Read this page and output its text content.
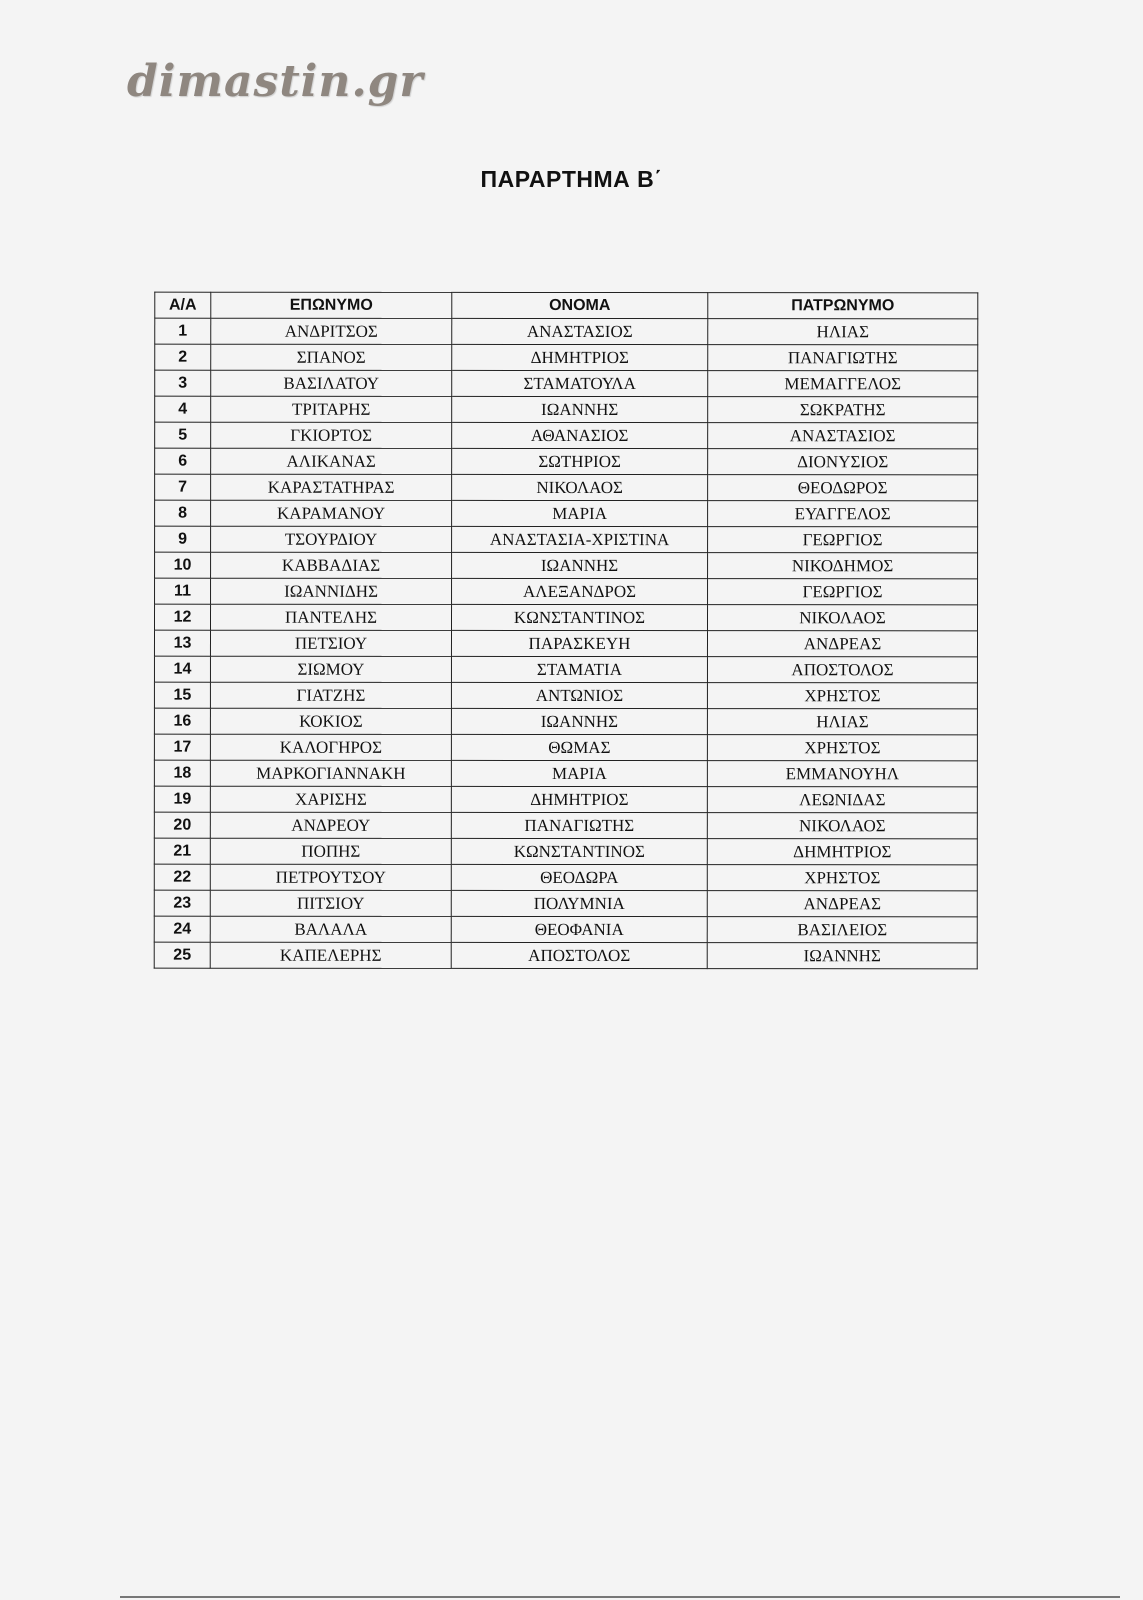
dimastin.gr
ΠΑΡΑΡΤΗΜΑ Β΄
Α/Α	ΕΠΩΝΥΜΟ	ΟΝΟΜΑ	ΠΑΤΡΩΝΥΜΟ
1	ΑΝΔΡΙΤΣΟΣ	ΑΝΑΣΤΑΣΙΟΣ	ΗΛΙΑΣ
2	ΣΠΑΝΟΣ	ΔΗΜΗΤΡΙΟΣ	ΠΑΝΑΓΙΩΤΗΣ
3	ΒΑΣΙΛΑΤΟΥ	ΣΤΑΜΑΤΟΥΛΑ	ΜΕΜΑΓΓΕΛΟΣ
4	ΤΡΙΤΑΡΗΣ	ΙΩΑΝΝΗΣ	ΣΩΚΡΑΤΗΣ
5	ΓΚΙΟΡΤΟΣ	ΑΘΑΝΑΣΙΟΣ	ΑΝΑΣΤΑΣΙΟΣ
6	ΑΛΙΚΑΝΑΣ	ΣΩΤΗΡΙΟΣ	ΔΙΟΝΥΣΙΟΣ
7	ΚΑΡΑΣΤΑΤΗΡΑΣ	ΝΙΚΟΛΑΟΣ	ΘΕΟΔΩΡΟΣ
8	ΚΑΡΑΜΑΝΟΥ	ΜΑΡΙΑ	ΕΥΑΓΓΕΛΟΣ
9	ΤΣΟΥΡΔΙΟΥ	ΑΝΑΣΤΑΣΙΑ-ΧΡΙΣΤΙΝΑ	ΓΕΩΡΓΙΟΣ
10	ΚΑΒΒΑΔΙΑΣ	ΙΩΑΝΝΗΣ	ΝΙΚΟΔΗΜΟΣ
11	ΙΩΑΝΝΙΔΗΣ	ΑΛΕΞΑΝΔΡΟΣ	ΓΕΩΡΓΙΟΣ
12	ΠΑΝΤΕΛΗΣ	ΚΩΝΣΤΑΝΤΙΝΟΣ	ΝΙΚΟΛΑΟΣ
13	ΠΕΤΣΙΟΥ	ΠΑΡΑΣΚΕΥΗ	ΑΝΔΡΕΑΣ
14	ΣΙΩΜΟΥ	ΣΤΑΜΑΤΙΑ	ΑΠΟΣΤΟΛΟΣ
15	ΓΙΑΤΖΗΣ	ΑΝΤΩΝΙΟΣ	ΧΡΗΣΤΟΣ
16	ΚΟΚΙΟΣ	ΙΩΑΝΝΗΣ	ΗΛΙΑΣ
17	ΚΑΛΟΓΗΡΟΣ	ΘΩΜΑΣ	ΧΡΗΣΤΟΣ
18	ΜΑΡΚΟΓΙΑΝΝΑΚΗ	ΜΑΡΙΑ	ΕΜΜΑΝΟΥΗΛ
19	ΧΑΡΙΣΗΣ	ΔΗΜΗΤΡΙΟΣ	ΛΕΩΝΙΔΑΣ
20	ΑΝΔΡΕΟΥ	ΠΑΝΑΓΙΩΤΗΣ	ΝΙΚΟΛΑΟΣ
21	ΠΟΠΗΣ	ΚΩΝΣΤΑΝΤΙΝΟΣ	ΔΗΜΗΤΡΙΟΣ
22	ΠΕΤΡΟΥΤΣΟΥ	ΘΕΟΔΩΡΑ	ΧΡΗΣΤΟΣ
23	ΠΙΤΣΙΟΥ	ΠΟΛΥΜΝΙΑ	ΑΝΔΡΕΑΣ
24	ΒΑΛΑΛΑ	ΘΕΟΦΑΝΙΑ	ΒΑΣΙΛΕΙΟΣ
25	ΚΑΠΕΛΕΡΗΣ	ΑΠΟΣΤΟΛΟΣ	ΙΩΑΝΝΗΣ
